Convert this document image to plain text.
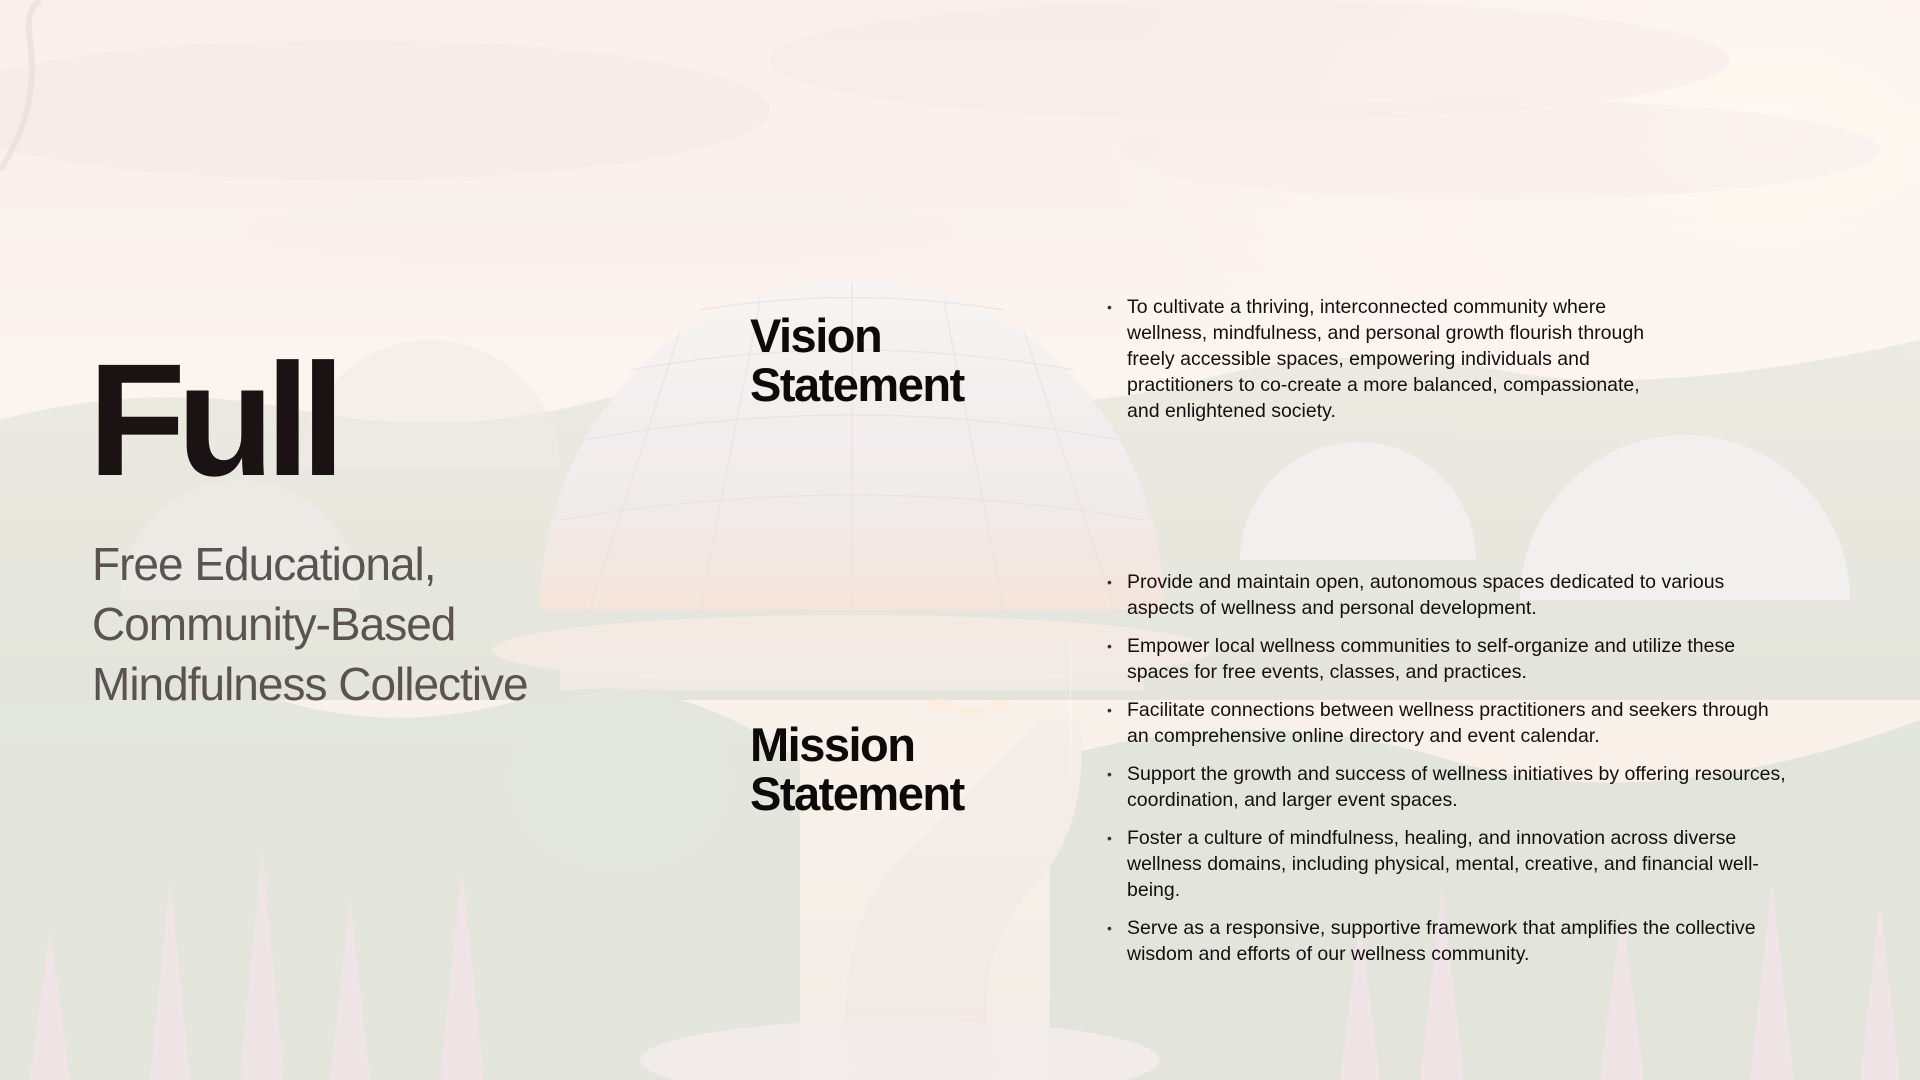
Full

Free Educational, Community-Based Mindfulness Collective

Vision Statement
• To cultivate a thriving, interconnected community where wellness, mindfulness, and personal growth flourish through freely accessible spaces, empowering individuals and practitioners to co-create a more balanced, compassionate, and enlightened society.
Mission Statement
• Provide and maintain open, autonomous spaces dedicated to various aspects of wellness and personal development.
• Empower local wellness communities to self-organize and utilize these spaces for free events, classes, and practices.
• Facilitate connections between wellness practitioners and seekers through an comprehensive online directory and event calendar.
• Support the growth and success of wellness initiatives by offering resources, coordination, and larger event spaces.
• Foster a culture of mindfulness, healing, and innovation across diverse wellness domains, including physical, mental, creative, and financial well-being.
• Serve as a responsive, supportive framework that amplifies the collective wisdom and efforts of our wellness community.
